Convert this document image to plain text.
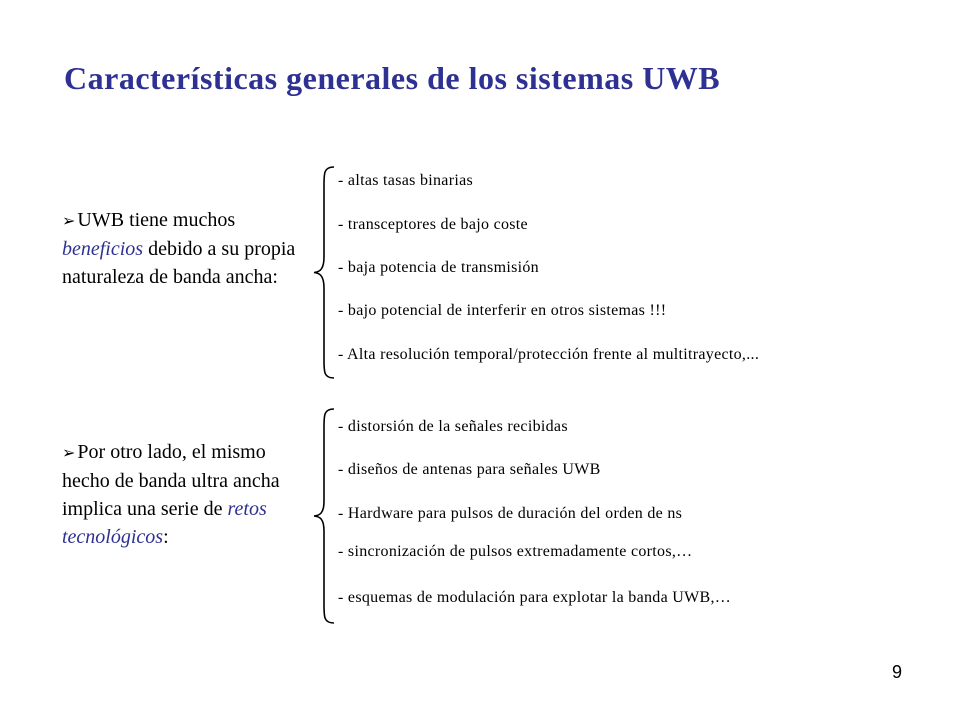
Características generales de los sistemas UWB
➢ UWB tiene muchos beneficios debido a su propia naturaleza de banda ancha:
- altas tasas binarias
- transceptores de bajo coste
- baja potencia de transmisión
- bajo potencial de interferir en otros sistemas !!!
- Alta resolución temporal/protección frente al multitrayecto,...
➢ Por otro lado, el mismo hecho de banda ultra ancha implica una serie de retos tecnológicos:
- distorsión de la señales recibidas
- diseños de antenas para señales UWB
- Hardware para pulsos de duración del orden de ns
- sincronización de pulsos extremadamente cortos,…
- esquemas de modulación para explotar la banda UWB,…
9
